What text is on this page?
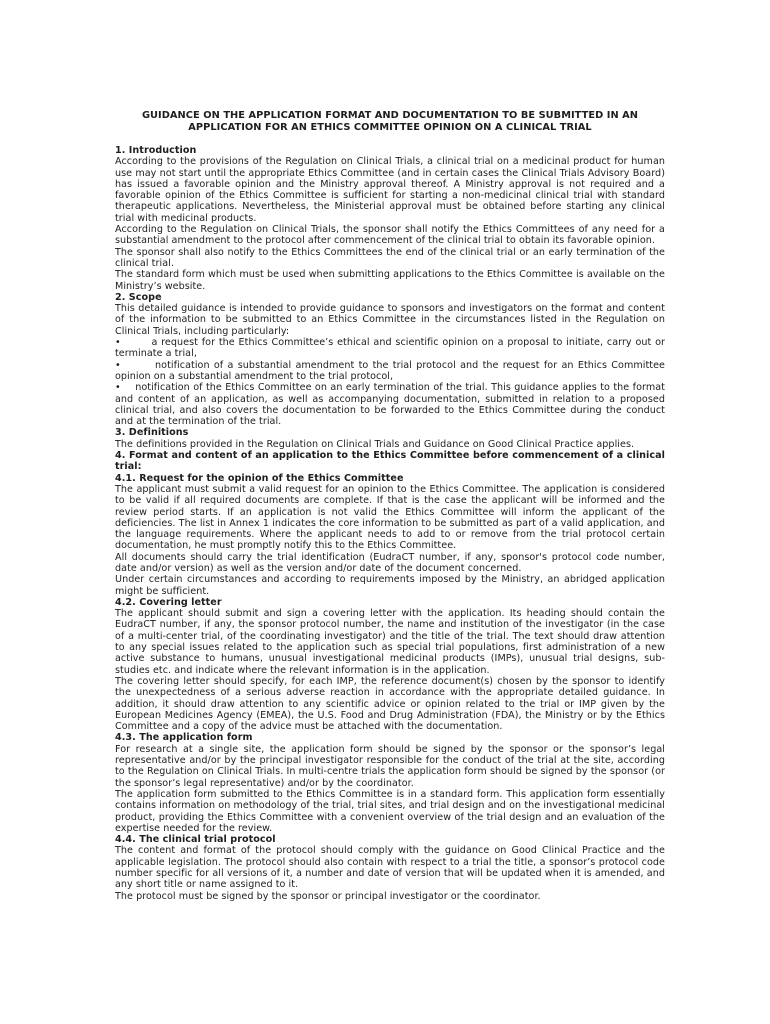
GUIDANCE ON THE APPLICATION FORMAT AND DOCUMENTATION TO BE SUBMITTED IN AN
APPLICATION FOR AN ETHICS COMMITTEE OPINION ON A CLINICAL TRIAL

1. Introduction

According to the provisions of the Regulation on Clinical Trials, a clinical trial on a medicinal product for human use may not start until the appropriate Ethics Committee (and in certain cases the Clinical Trials Advisory Board) has issued a favorable opinion and the Ministry approval thereof. A Ministry approval is not required and a favorable opinion of the Ethics Committee is sufficient for starting a non-medicinal clinical trial with standard therapeutic applications. Nevertheless, the Ministerial approval must be obtained before starting any clinical trial with medicinal products.

According to the Regulation on Clinical Trials, the sponsor shall notify the Ethics Committees of any need for a substantial amendment to the protocol after commencement of the clinical trial to obtain its favorable opinion.

The sponsor shall also notify to the Ethics Committees the end of the clinical trial or an early termination of the clinical trial.

The standard form which must be used when submitting applications to the Ethics Committee is available on the Ministry’s website.

2. Scope

This detailed guidance is intended to provide guidance to sponsors and investigators on the format and content of the information to be submitted to an Ethics Committee in the circumstances listed in the Regulation on Clinical Trials, including particularly:

•	a request for the Ethics Committee’s ethical and scientific opinion on a proposal to initiate, carry out or terminate a trial,

•	notification of a substantial amendment to the trial protocol and the request for an Ethics Committee opinion on a substantial amendment to the trial protocol,

• notification of the Ethics Committee on an early termination of the trial. This guidance applies to the format and content of an application, as well as accompanying documentation, submitted in relation to a proposed clinical trial, and also covers the documentation to be forwarded to the Ethics Committee during the conduct and at the termination of the trial.

3. Definitions

The definitions provided in the Regulation on Clinical Trials and Guidance on Good Clinical Practice applies.

4. Format and content of an application to the Ethics Committee before commencement of a clinical trial:

4.1. Request for the opinion of the Ethics Committee

The applicant must submit a valid request for an opinion to the Ethics Committee. The application is considered to be valid if all required documents are complete. If that is the case the applicant will be informed and the review period starts. If an application is not valid the Ethics Committee will inform the applicant of the deficiencies. The list in Annex 1 indicates the core information to be submitted as part of a valid application, and the language requirements. Where the applicant needs to add to or remove from the trial protocol certain documentation, he must promptly notify this to the Ethics Committee.

All documents should carry the trial identification (EudraCT number, if any, sponsor's protocol code number, date and/or version) as well as the version and/or date of the document concerned.

Under certain circumstances and according to requirements imposed by the Ministry, an abridged application might be sufficient.

4.2. Covering letter

The applicant should submit and sign a covering letter with the application. Its heading should contain the EudraCT number, if any, the sponsor protocol number, the name and institution of the investigator (in the case of a multi-center trial, of the coordinating investigator) and the title of the trial. The text should draw attention to any special issues related to the application such as special trial populations, first administration of a new active substance to humans, unusual investigational medicinal products (IMPs), unusual trial designs, sub-studies etc. and indicate where the relevant information is in the application.

The covering letter should specify, for each IMP, the reference document(s) chosen by the sponsor to identify the unexpectedness of a serious adverse reaction in accordance with the appropriate detailed guidance. In addition, it should draw attention to any scientific advice or opinion related to the trial or IMP given by the European Medicines Agency (EMEA), the U.S. Food and Drug Administration (FDA), the Ministry or by the Ethics Committee and a copy of the advice must be attached with the documentation.

4.3. The application form

For research at a single site, the application form should be signed by the sponsor or the sponsor’s legal representative and/or by the principal investigator responsible for the conduct of the trial at the site, according to the Regulation on Clinical Trials. In multi-centre trials the application form should be signed by the sponsor (or the sponsor’s legal representative) and/or by the coordinator.

The application form submitted to the Ethics Committee is in a standard form. This application form essentially contains information on methodology of the trial, trial sites, and trial design and on the investigational medicinal product, providing the Ethics Committee with a convenient overview of the trial design and an evaluation of the expertise needed for the review.

4.4. The clinical trial protocol

The content and format of the protocol should comply with the guidance on Good Clinical Practice and the applicable legislation. The protocol should also contain with respect to a trial the title, a sponsor’s protocol code number specific for all versions of it, a number and date of version that will be updated when it is amended, and any short title or name assigned to it.

The protocol must be signed by the sponsor or principal investigator or the coordinator.
